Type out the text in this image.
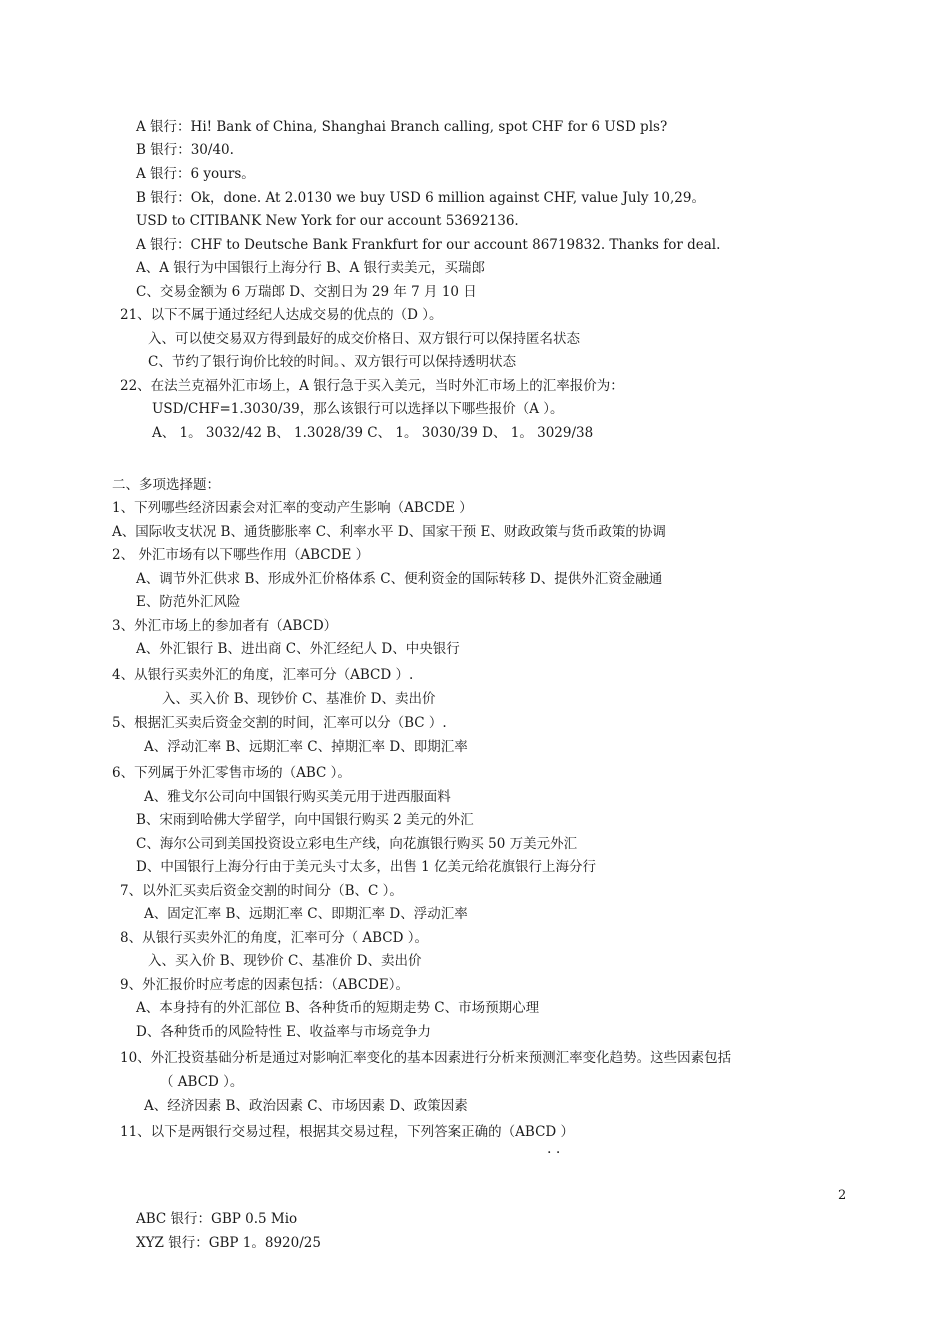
A 银行：Hi! Bank of China, Shanghai Branch calling, spot CHF for 6 USD pls?
B 银行：30/40.
A 银行：6 yours。
B 银行：Ok，done. At 2.0130 we buy USD 6 million against CHF, value July 10,29。
USD to CITIBANK New York for our account 53692136.
A 银行：CHF to Deutsche Bank Frankfurt for our account 86719832. Thanks for deal.
A、A 银行为中国银行上海分行 B、A 银行卖美元，买瑞郎
C、交易金额为 6 万瑞郎 D、交割日为 29 年 7 月 10 日
21、以下不属于通过经纪人达成交易的优点的（D ）。
入、可以使交易双方得到最好的成交价格日、双方银行可以保持匿名状态
C、节约了银行询价比较的时间。、双方银行可以保持透明状态
22、在法兰克福外汇市场上，A 银行急于买入美元，当时外汇市场上的汇率报价为：
USD/CHF=1.3030/39，那么该银行可以选择以下哪些报价（A ）。
A、 1。 3032/42 B、 1.3028/39 C、 1。 3030/39 D、 1。 3029/38
二、多项选择题：
1、下列哪些经济因素会对汇率的变动产生影响（ABCDE ）
A、国际收支状况 B、通货膨胀率 C、利率水平 D、国家干预 E、财政政策与货币政策的协调
2、 外汇市场有以下哪些作用（ABCDE ）
A、调节外汇供求 B、形成外汇价格体系 C、便利资金的国际转移 D、提供外汇资金融通
E、防范外汇风险
3、外汇市场上的参加者有（ABCD）
A、外汇银行 B、进出商 C、外汇经纪人 D、中央银行
4、从银行买卖外汇的角度，汇率可分（ABCD ）.
入、买入价 B、现钞价 C、基准价 D、卖出价
5、根据汇买卖后资金交割的时间，汇率可以分（BC ）.
A、浮动汇率 B、远期汇率 C、掉期汇率 D、即期汇率
6、下列属于外汇零售市场的（ABC ）。
A、雅戈尔公司向中国银行购买美元用于进西服面料
B、宋雨到哈佛大学留学，向中国银行购买 2 美元的外汇
C、海尔公司到美国投资设立彩电生产线，向花旗银行购买 50 万美元外汇
D、中国银行上海分行由于美元头寸太多，出售 1 亿美元给花旗银行上海分行
7、以外汇买卖后资金交割的时间分（B、C ）。
A、固定汇率 B、远期汇率 C、即期汇率 D、浮动汇率
8、从银行买卖外汇的角度，汇率可分（ ABCD ）。
入、买入价 B、现钞价 C、基准价 D、卖出价
9、外汇报价时应考虑的因素包括：（ABCDE）。
A、本身持有的外汇部位 B、各种货币的短期走势 C、市场预期心理
D、各种货币的风险特性 E、收益率与市场竞争力
10、外汇投资基础分析是通过对影响汇率变化的基本因素进行分析来预测汇率变化趋势。这些因素包括
（ ABCD ）。
A、经济因素 B、政治因素 C、市场因素 D、政策因素
11、以下是两银行交易过程，根据其交易过程，下列答案正确的（ABCD ）
. .
2
ABC 银行：GBP 0.5 Mio
XYZ 银行：GBP 1。8920/25
